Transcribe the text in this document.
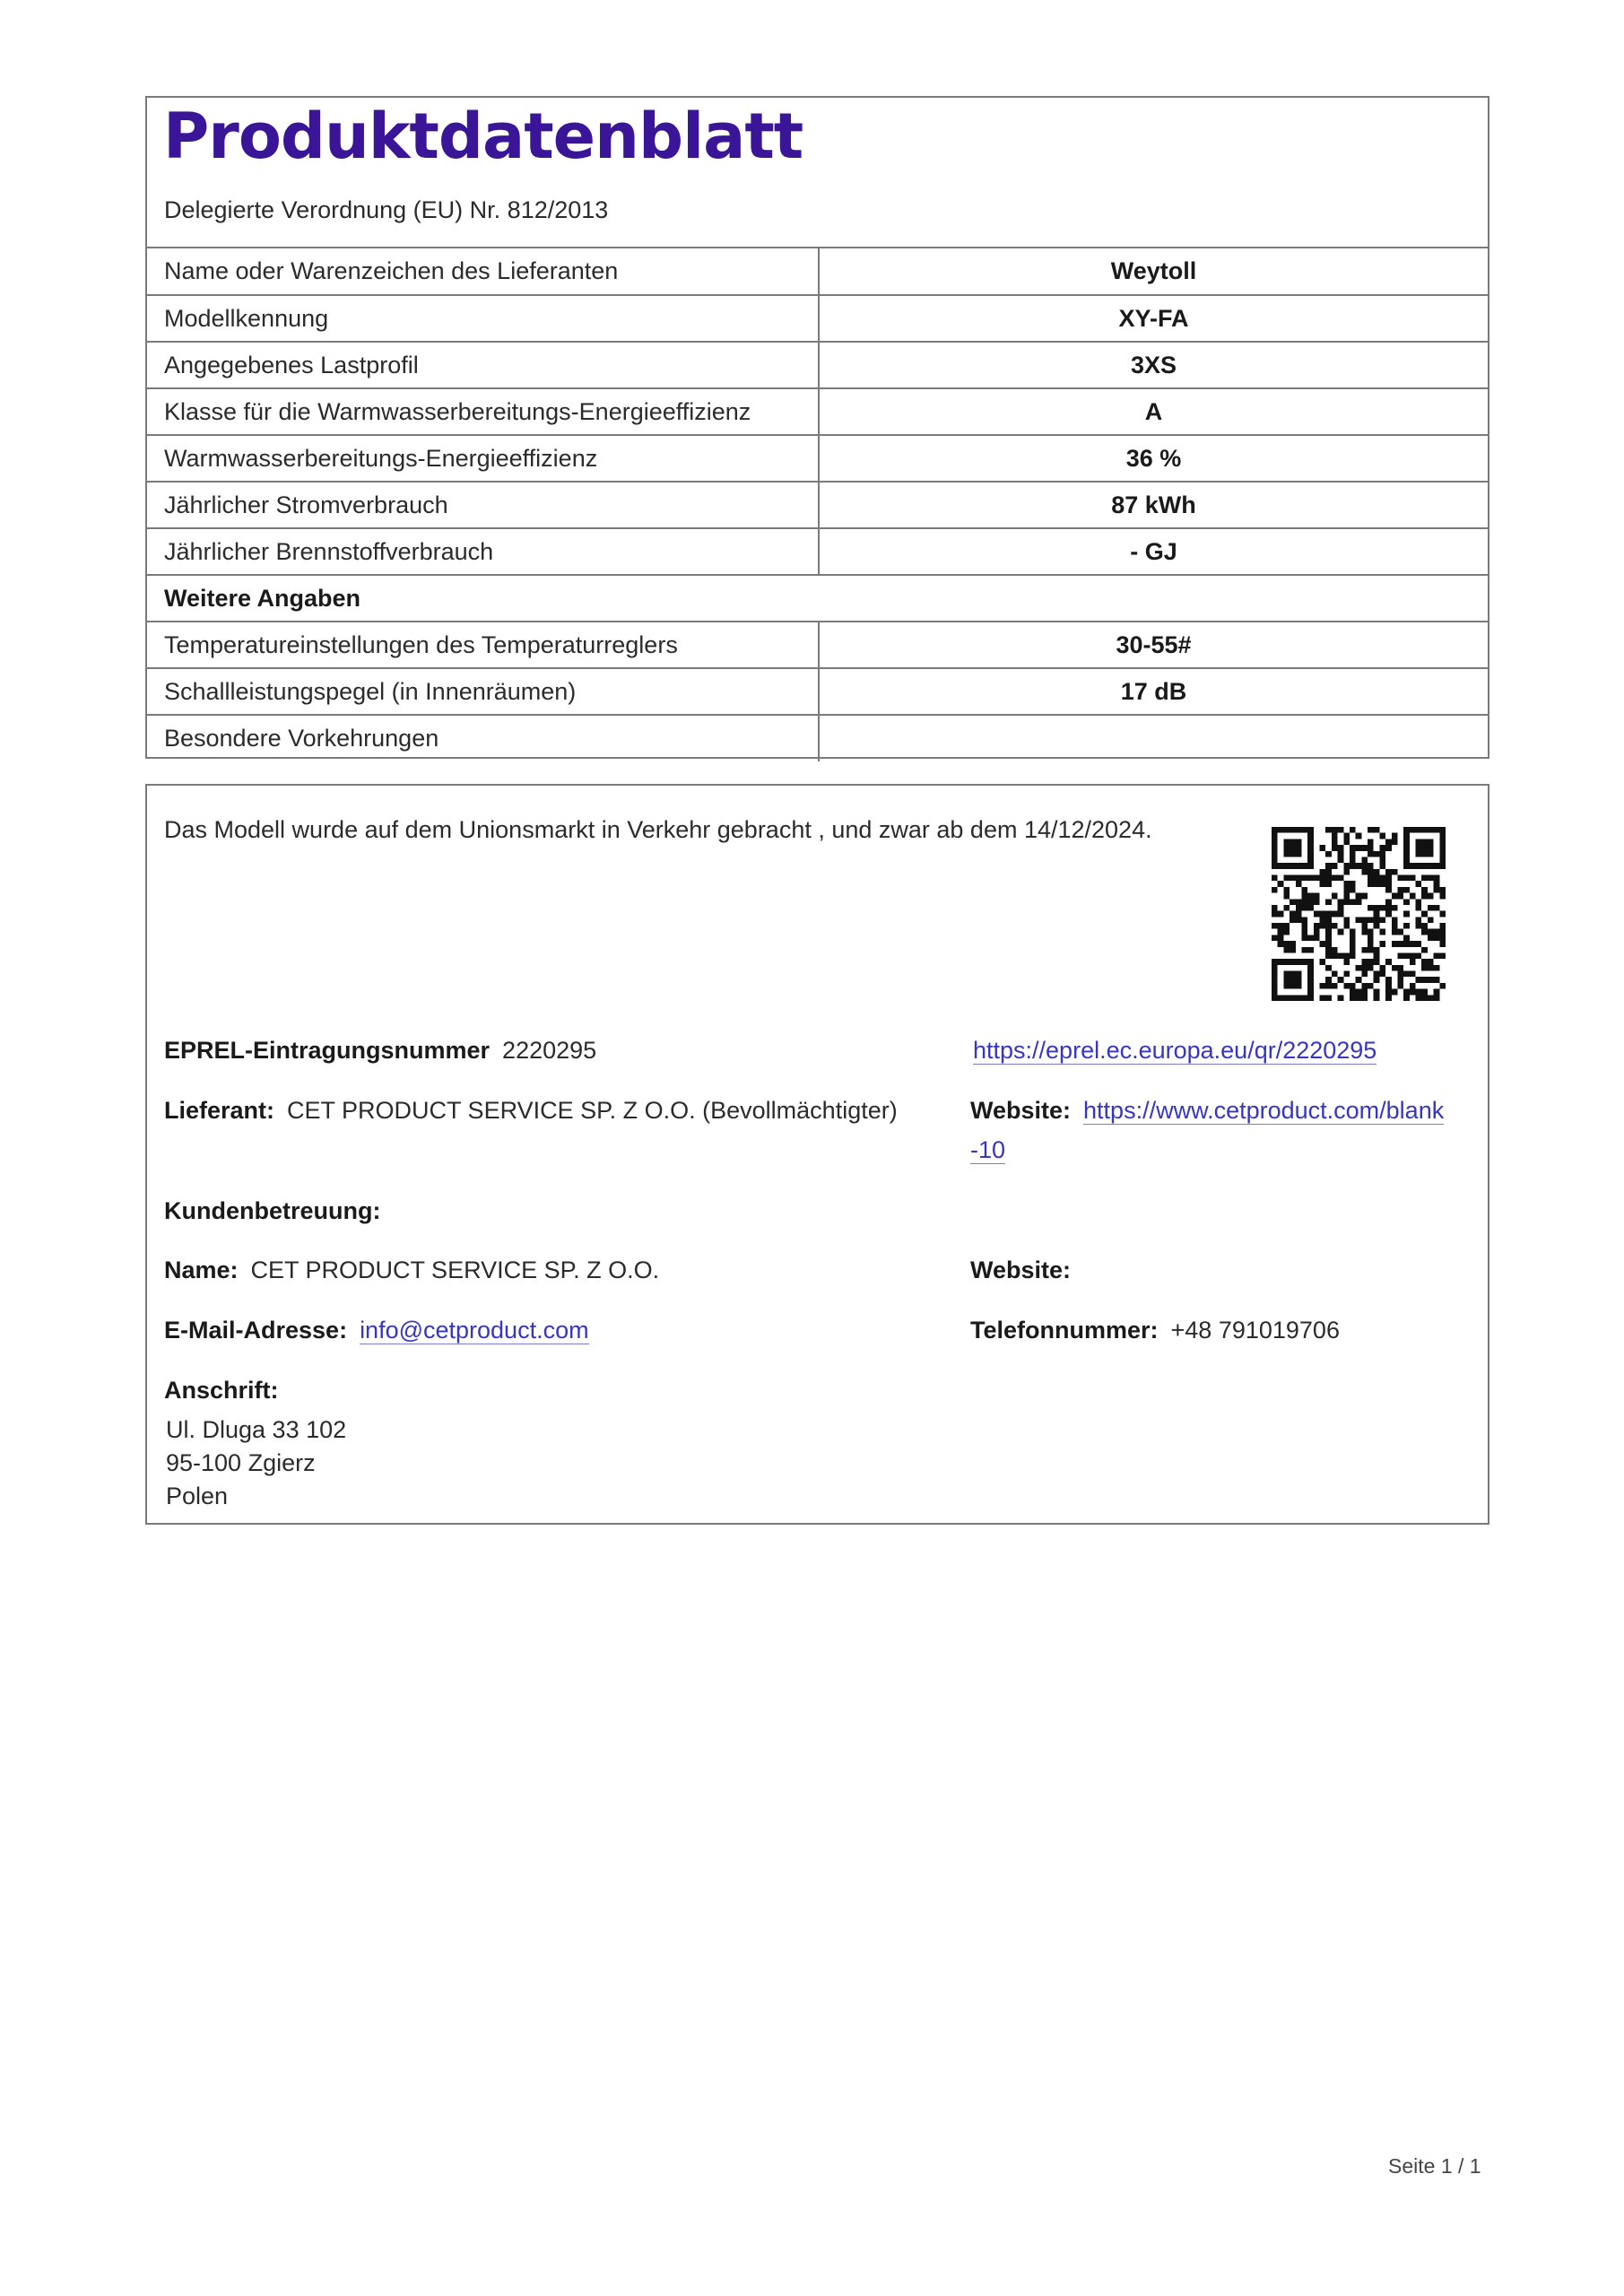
Produktdatenblatt
Delegierte Verordnung (EU) Nr. 812/2013
Name oder Warenzeichen des Lieferanten	Weytoll
Modellkennung	XY-FA
Angegebenes Lastprofil	3XS
Klasse für die Warmwasserbereitungs-Energieeffizienz	A
Warmwasserbereitungs-Energieeffizienz	36 %
Jährlicher Stromverbrauch	87 kWh
Jährlicher Brennstoffverbrauch	- GJ
Weitere Angaben	
Temperatureinstellungen des Temperaturreglers	30-55#
Schallleistungspegel (in Innenräumen)	17 dB
Besondere Vorkehrungen	
Das Modell wurde auf dem Unionsmarkt in Verkehr gebracht , und zwar ab dem 14/12/2024.
EPREL-Eintragungsnummer 2220295	https://eprel.ec.europa.eu/qr/2220295
Lieferant: CET PRODUCT SERVICE SP. Z O.O. (Bevollmächtigter)	Website: https://www.cetproduct.com/blank
-10
Kundenbetreuung:
Name: CET PRODUCT SERVICE SP. Z O.O.	Website:
E-Mail-Adresse: info@cetproduct.com	Telefonnummer: +48 791019706
Anschrift:
Ul. Dluga 33 102
95-100 Zgierz
Polen
Seite 1 / 1
